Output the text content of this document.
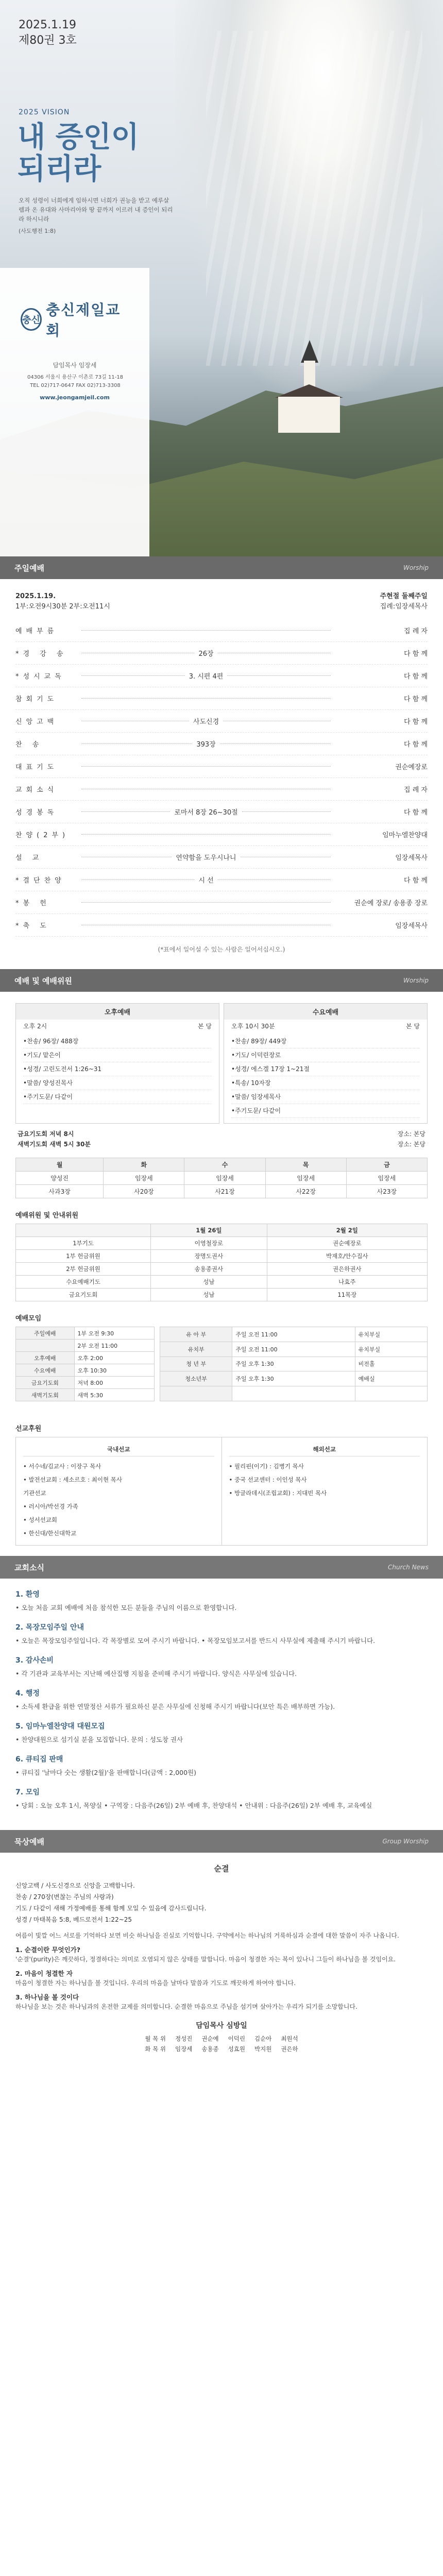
2025.1.19
제80권 3호
2025 VISION
내 증인이
되리라
오직 성령이 너희에게 임하시면 너희가 권능을 받고 예루살렘과 온 유대와 사마리아와 땅 끝까지 이르러 내 증인이 되리라 하시니라
(사도행전 1:8)
충신
충신제일교회
담임목사 임장세
04306 서울시 용산구 이촌로 73길 11-18
TEL 02)717-0647 FAX 02)713-3308
www.jeongamjeil.com
주일예배	Worship
2025.1.19.
1부:오전9시30분 2부:오전11시
주현절 둘째주일
집례:임장세목사
예배부름	집 례 자
*경 강 송	26장	다 함 께
*성시교독	3. 시편 4편	다 함 께
참회기도	다 함 께
신앙고백	사도신경	다 함 께
찬 송	393장	다 함 께
대표기도	권순예장로
교회소식	집 례 자
성경봉독	로마서 8장 26~30절	다 함 께
찬양(2부)	임마누엘찬양대
설 교	연약함을 도우시나니	임장세목사
*결단찬양	시 선	다 함 께
*봉 헌	권순예 장로/ 송용종 장로
*축 도	임장세목사
(*표에서 일어설 수 있는 사람은 일어서십시오.)
예배 및 예배위원	Worship
오후예배
오후 2시	본 당
•찬송/ 96장/ 488장
•기도/ 맡은이
•성경/ 고린도전서 1:26~31
•말씀/ 양성진목사
•주기도문/ 다같이
수요예배
오후 10시 30분	본 당
•찬송/ 89장/ 449장
•기도/ 이덕린장로
•성경/ 에스겔 17장 1~21절
•특송/ 10자장
•말씀/ 임장세목사
•주기도문/ 다같이
금요기도회 저녁 8시
새벽기도회 새벽 5시 30분
장소: 본당
장소: 본당
월	화	수	목	금
양성진	임장세	임장세	임장세	임장세
사과3장	사20장	사21장	사22장	사23장
예배위원 및 안내위원
	1월 26일	2월 2일
1부기도	이영철장로	권순예장로
1부 헌금위원	장명도권사	박재호/안수집사
2부 헌금위원	송용종권사	권은하권사
수요예배기도	성남	나효주
금요기도회	성남	11목장
예배모임
주일예배	1부 오전 9:30
	2부 오전 11:00
오후예배	오후 2:00
수요예배	오후 10:30
금요기도회	저녁 8:00
새벽기도회	새벽 5:30
유 아 부	주일 오전 11:00	유치부실
유치부	주일 오전 11:00	유치부실
청 년 부	주일 오후 1:30	비전홀
청소년부	주일 오후 1:30	예배실

선교후원
국내선교
• 서수네/김교사 : 이장구 목사
• 발전선교회 : 세소르호 : 최이현 목사
기관선교
• 러시아/박선경 가족
• 성서선교회
• 한신대/한신대학교
해외선교
• 필리핀(이기) : 김병기 목사
• 중국 선교센터 : 이인성 목사
• 방글라데시(조립교회) : 지대빈 목사
교회소식	Church News
1. 환영

• 오늘 처음 교회 예배에 처음 참석한 모든 분들을 주님의 이름으로 환영합니다.

2. 목장모임주일 안내

• 오늘은 목장모임주일입니다. 각 목장별로 모여 주시기 바랍니다. • 목장모임보고서를 반드시 사무실에 제출해 주시기 바랍니다.

3. 감사손비

• 각 기관과 교육부서는 지난해 예산집행 지침을 준비해 주시기 바랍니다. 양식은 사무실에 있습니다.

4. 행정

• 소득세 환급을 위한 연말정산 서류가 필요하신 분은 사무실에 신청해 주시기 바랍니다(보안 특은 배부하면 가능).

5. 임마누엘찬양대 대원모집

• 찬양대원으로 섬기실 분을 모집합니다. 문의 : 성도창 권사

6. 큐티집 판매

• 큐티집 '날마다 숫는 생활(2월)'을 판매합니다(금액 : 2,000원)

7. 모임

• 당회 : 오늘 오후 1시, 목양실 • 구역장 : 다음주(26일) 2부 예배 후, 찬양대석 • 안내위 : 다음주(26일) 2부 예배 후, 교육예실

묵상예배	Group Worship
순결
신앙고백 / 사도신경으로 신앙을 고백합니다.
찬송 / 270장(변찮는 주님의 사랑과)
기도 / 다같이 새해 가정예배를 통해 함께 모일 수 있음에 감사드립니다.
성경 / 마태복음 5:8, 베드로전서 1:22~25

여름이 빛깔 어느 서로를 기억하다 보면 비슷 하나님을 진실로 기억합니다. 구약에서는 하나님의 거룩하심과 순결에 대한 말씀이 자주 나옵니다.

1. 순결이란 무엇인가?

'순결'(purity)은 깨끗하다, 정결하다는 의미로 오염되지 않은 상태를 말합니다. 마음이 청결한 자는 복이 있나니 그들이 하나님을 볼 것임이요.

2. 마음이 청결한 자

마음이 청결한 자는 하나님을 볼 것입니다. 우리의 마음을 날마다 말씀과 기도로 깨끗하게 하여야 합니다.

3. 하나님을 볼 것이다

하나님을 보는 것은 하나님과의 온전한 교제를 의미합니다. 순결한 마음으로 주님을 섬기며 살아가는 우리가 되기를 소망합니다.

담임목사 심방일
월 목 위 정성진 권순예 이덕린 김순아 최원석
화 목 위 임장세 송용종 성효원 박지원 권은하
